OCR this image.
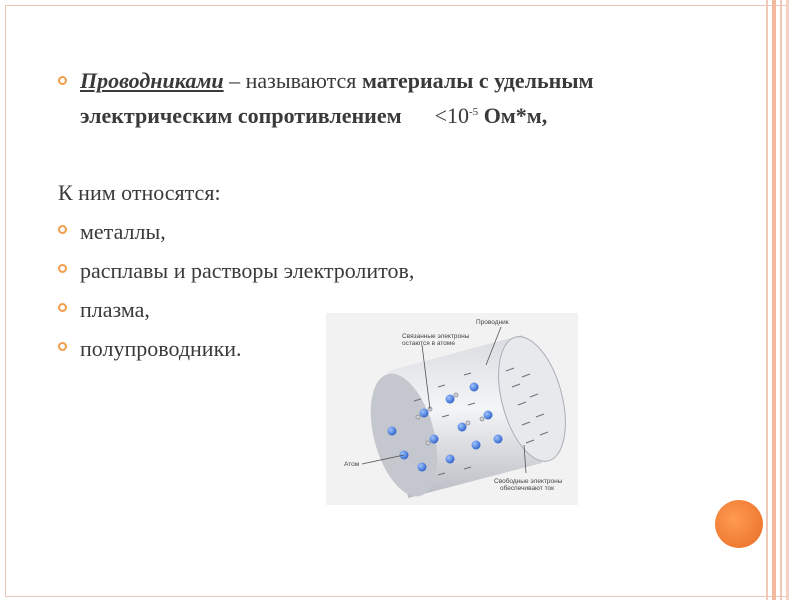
Проводниками – называются материалы с удельным
электрическим сопротивлением $<10^{-5}$ Ом*м,
К ним относятся:
металлы,
расплавы и растворы электролитов,
плазма,
полупроводники.	Связанные электроны
остаются в атоме
Проводник
Атом
Свободные электроны
обеспечивают ток
